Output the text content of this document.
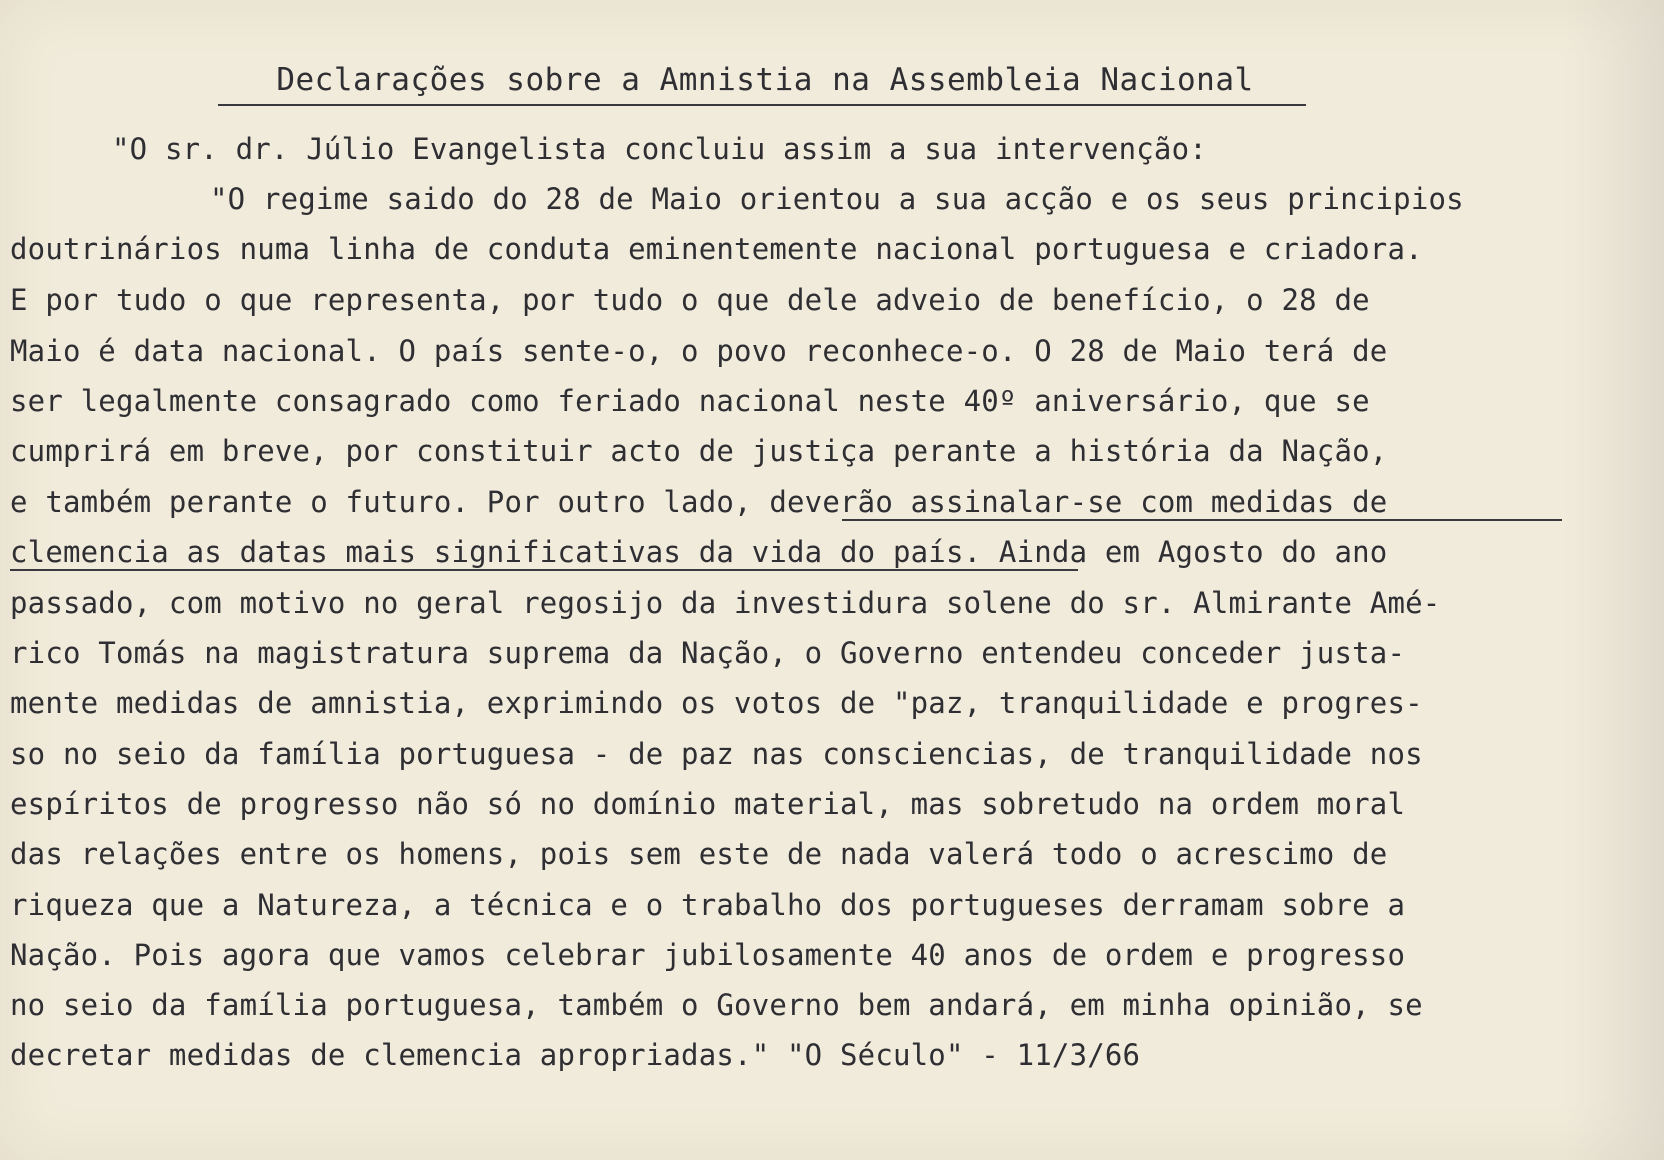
Declarações sobre a Amnistia na Assembleia Nacional
"O sr. dr. Júlio Evangelista concluiu assim a sua intervenção:
"O regime saido do 28 de Maio orientou a sua acção e os seus principios
doutrinários numa linha de conduta eminentemente nacional portuguesa e criadora.
E por tudo o que representa, por tudo o que dele adveio de benefício, o 28 de
Maio é data nacional. O país sente-o, o povo reconhece-o. O 28 de Maio terá de
ser legalmente consagrado como feriado nacional neste 40º aniversário, que se
cumprirá em breve, por constituir acto de justiça perante a história da Nação,
e também perante o futuro. Por outro lado, deverão assinalar-se com medidas de
clemencia as datas mais significativas da vida do país. Ainda em Agosto do ano
passado, com motivo no geral regosijo da investidura solene do sr. Almirante Amé-
rico Tomás na magistratura suprema da Nação, o Governo entendeu conceder justa-
mente medidas de amnistia, exprimindo os votos de "paz, tranquilidade e progres-
so no seio da família portuguesa - de paz nas consciencias, de tranquilidade nos
espíritos de progresso não só no domínio material, mas sobretudo na ordem moral
das relações entre os homens, pois sem este de nada valerá todo o acrescimo de
riqueza que a Natureza, a técnica e o trabalho dos portugueses derramam sobre a
Nação. Pois agora que vamos celebrar jubilosamente 40 anos de ordem e progresso
no seio da família portuguesa, também o Governo bem andará, em minha opinião, se
decretar medidas de clemencia apropriadas." "O Século" - 11/3/66
